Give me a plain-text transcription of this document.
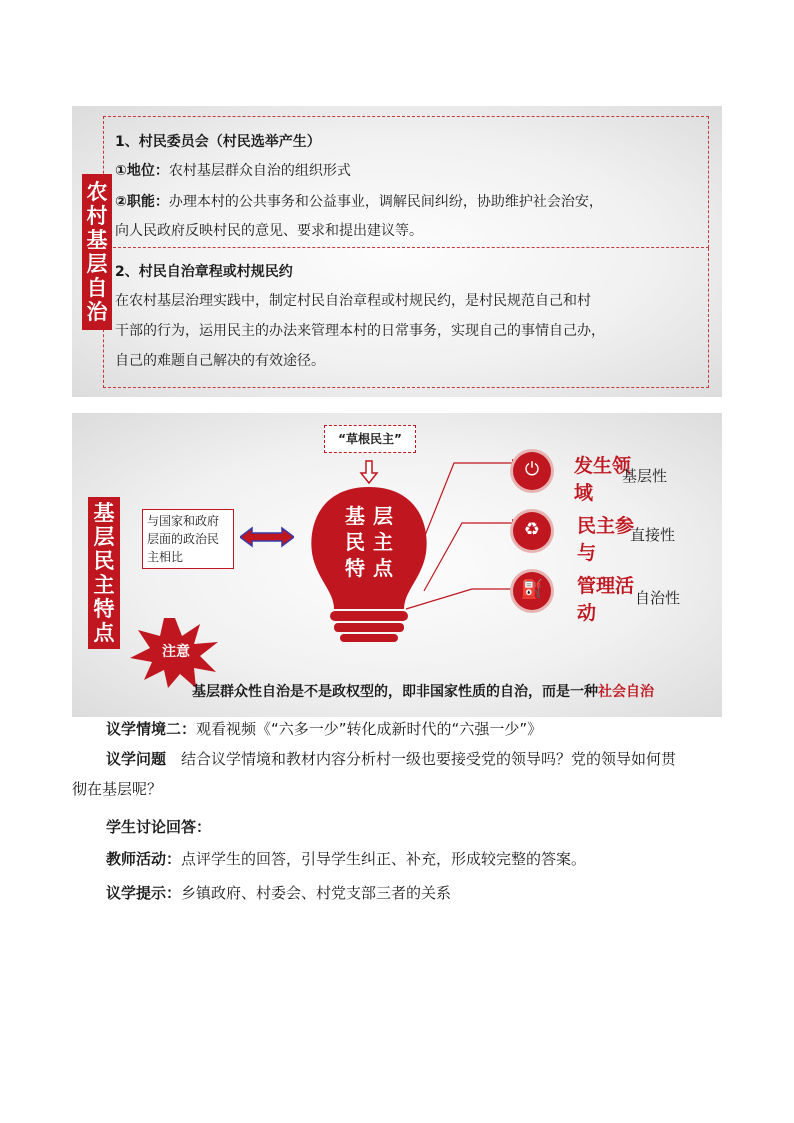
农村基层自治
1、村民委员会（村民选举产生）
①地位：农村基层群众自治的组织形式
②职能：办理本村的公共事务和公益事业，调解民间纠纷，协助维护社会治安，
向人民政府反映村民的意见、要求和提出建议等。
2、村民自治章程或村规民约
在农村基层治理实践中，制定村民自治章程或村规民约，是村民规范自己和村
干部的行为，运用民主的办法来管理本村的日常事务，实现自己的事情自己办，
自己的难题自己解决的有效途径。
“草根民主”
基
民
特
层
主
点
基层民主特点
与国家和政府层面的政治民主相比
⏻
♻
⛽
发生领域
民主参与
管理活动
基层性
直接性
自治性
注意
基层群众性自治是不是政权型的，即非国家性质的自治，而是一种社会自治
议学情境二：观看视频《“六多一少”转化成新时代的“六强一少”》
议学问题　结合议学情境和教材内容分析村一级也要接受党的领导吗？党的领导如何贯
彻在基层呢？
学生讨论回答：
教师活动：点评学生的回答，引导学生纠正、补充，形成较完整的答案。
议学提示：乡镇政府、村委会、村党支部三者的关系
